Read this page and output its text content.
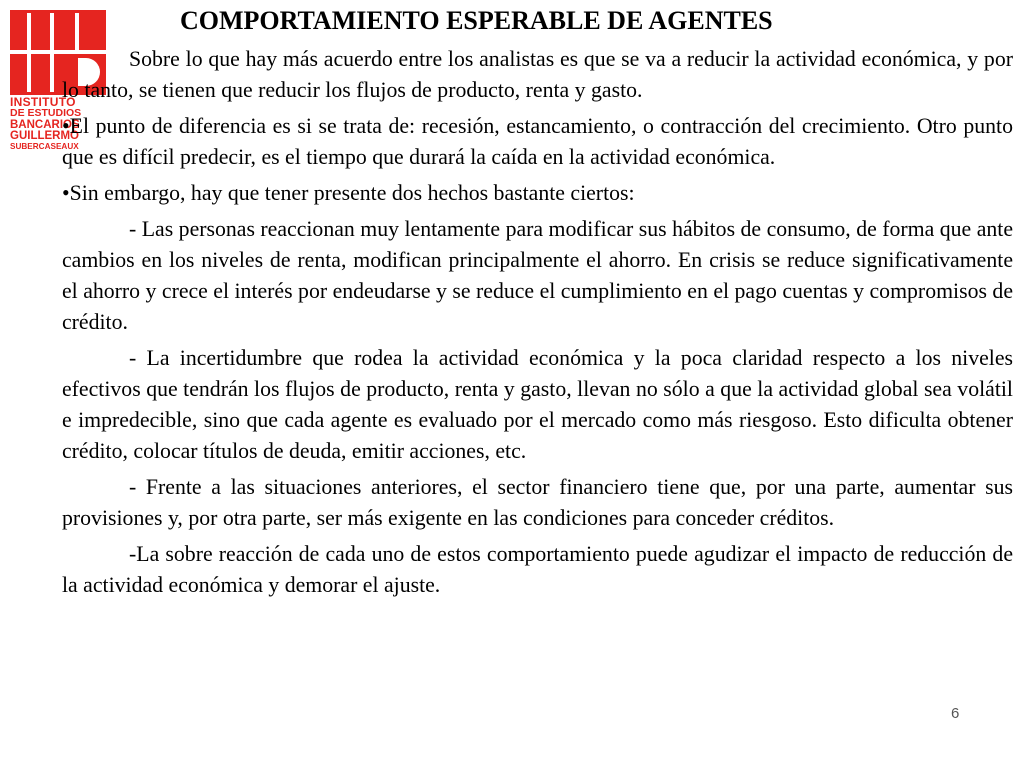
INSTITUTO
DE ESTUDIOS
BANCARIOS
GUILLERMO
SUBERCASEAUX
COMPORTAMIENTO ESPERABLE DE AGENTES

Sobre lo que hay más acuerdo entre los analistas es que se va a reducir la actividad económica, y por lo tanto, se tienen que reducir los flujos de producto, renta y gasto.

•El punto de diferencia es si se trata de: recesión, estancamiento, o contracción del crecimiento. Otro punto que es difícil predecir, es el tiempo que durará la caída en la actividad económica.

•Sin embargo, hay que tener presente dos hechos bastante ciertos:

- Las personas reaccionan muy lentamente para modificar sus hábitos de consumo, de forma que ante cambios en los niveles de renta, modifican principalmente el ahorro. En crisis se reduce significativamente el ahorro y crece el interés por endeudarse y se reduce el cumplimiento en el pago cuentas y compromisos de crédito.

- La incertidumbre que rodea la actividad económica y la poca claridad respecto a los niveles efectivos que tendrán los flujos de producto, renta y gasto, llevan no sólo a que la actividad global sea volátil e impredecible, sino que cada agente es evaluado por el mercado como más riesgoso. Esto dificulta obtener crédito, colocar títulos de deuda, emitir acciones, etc.

- Frente a las situaciones anteriores, el sector financiero tiene que, por una parte, aumentar sus provisiones y, por otra parte, ser más exigente en las condiciones para conceder créditos.

-La sobre reacción de cada uno de estos comportamiento puede agudizar el impacto de reducción de la actividad económica y demorar el ajuste.

6
